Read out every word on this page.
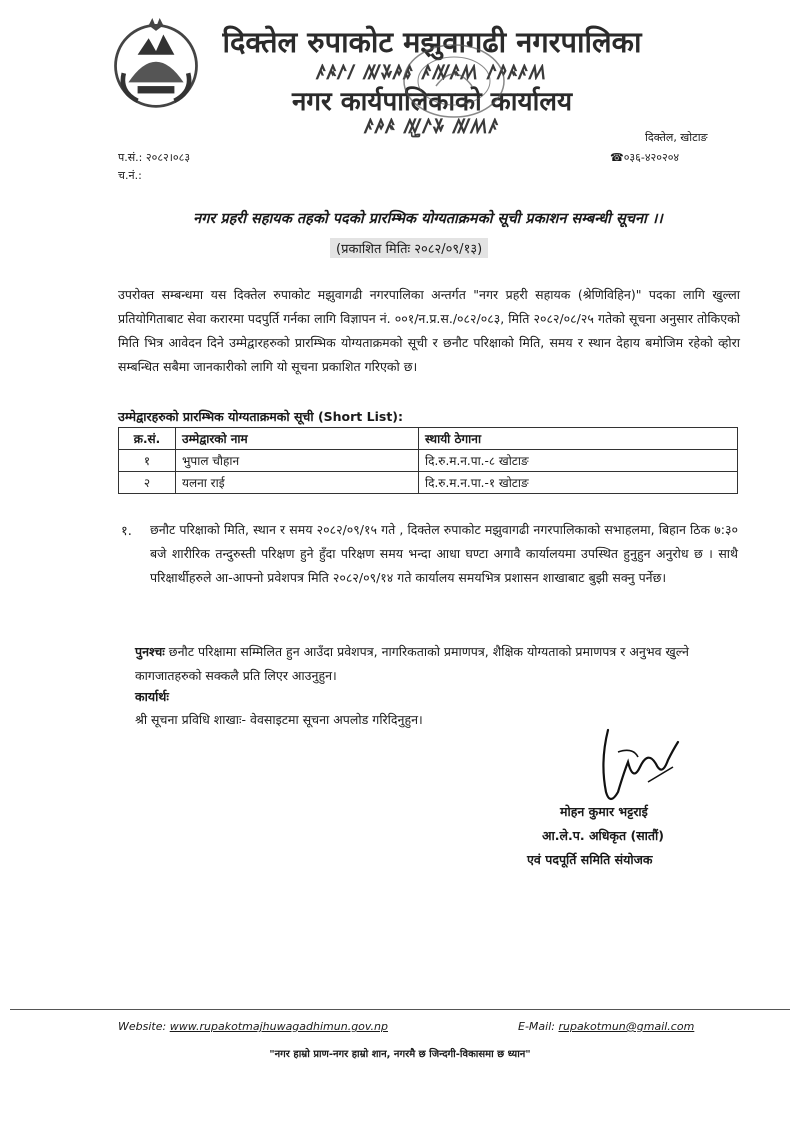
दिक्तेल रुपाकोट मझुवागढी नगरपालिका
ꤰꤴꤱꤷ ꤲꤸꤳꤹ ꤰꤲꤴꤵ ꤱꤳꤴꤰꤵ
नगर कार्यपालिकाको कार्यालय
ꤰꤳꤴ ꤲ꤭ꤱꤸ ꤲꤵꤰ	दिक्तेल, खोटाङ
☎०३६-४२०२०४
प.सं.: २०८२।०८३
च.नं.:
नगर प्रहरी सहायक तहको पदको प्रारम्भिक योग्यताक्रमको सूची प्रकाशन सम्बन्धी सूचना ।।
(प्रकाशित मितिः २०८२/०९/१३)
उपरोक्त सम्बन्धमा यस दिक्तेल रुपाकोट मझुवागढी नगरपालिका अन्तर्गत "नगर प्रहरी सहायक (श्रेणिविहिन)" पदका लागि खुल्ला प्रतियोगिताबाट सेवा करारमा पदपुर्ति गर्नका लागि विज्ञापन नं. ००१/न.प्र.स./०८२/०८३, मिति २०८२/०८/२५ गतेको सूचना अनुसार तोकिएको मिति भित्र आवेदन दिने उम्मेद्वारहरुको प्रारम्भिक योग्यताक्रमको सूची र छनौट परिक्षाको मिति, समय र स्थान देहाय बमोजिम रहेको व्होरा सम्बन्धित सबैमा जानकारीको लागि यो सूचना प्रकाशित गरिएको छ।
उम्मेद्वारहरुको प्रारम्भिक योग्यताक्रमको सूची (Short List):
क्र.सं.	उम्मेद्वारको नाम	स्थायी ठेगाना
१	भुपाल चौहान	दि.रु.म.न.पा.-८ खोटाङ
२	यलना राई	दि.रु.म.न.पा.-१ खोटाङ
१. छनौट परिक्षाको मिति, स्थान र समय २०८२/०९/१५ गते , दिक्तेल रुपाकोट मझुवागढी नगरपालिकाको सभाहलमा, बिहान ठिक ७:३० बजे शारीरिक तन्दुरुस्ती परिक्षण हुने हुँदा परिक्षण समय भन्दा आधा घण्टा अगावै कार्यालयमा उपस्थित हुनुहुन अनुरोध छ । साथै परिक्षार्थीहरुले आ-आफ्नो प्रवेशपत्र मिति २०८२/०९/१४ गते कार्यालय समयभित्र प्रशासन शाखाबाट बुझी सक्नु पर्नेछ।
पुनश्चः छनौट परिक्षामा सम्मिलित हुन आउँदा प्रवेशपत्र, नागरिकताको प्रमाणपत्र, शैक्षिक योग्यताको प्रमाणपत्र र अनुभव खुल्ने कागजातहरुको सक्कलै प्रति लिएर आउनुहुन।
कार्यार्थः
श्री सूचना प्रविधि शाखाः- वेवसाइटमा सूचना अपलोड गरिदिनुहुन।
मोहन कुमार भट्टराई
आ.ले.प. अधिकृत (सातौं)
एवं पदपूर्ति समिति संयोजक
Website: www.rupakotmajhuwagadhimun.gov.np	E-Mail: rupakotmun@gmail.com
"नगर हाम्रो प्राण-नगर हाम्रो शान, नगरमै छ जिन्दगी-विकासमा छ ध्यान"
